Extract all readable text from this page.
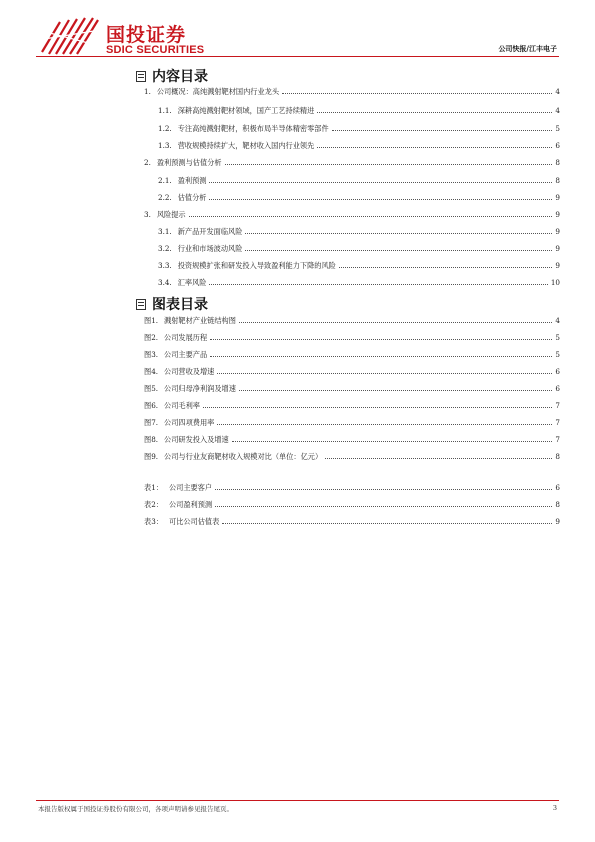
国投证券
SDIC SECURITIES	公司快报/江丰电子
内容目录
1. 公司概况：高纯溅射靶材国内行业龙头	4
1.1. 深耕高纯溅射靶材领域，国产工艺持续精进	4
1.2. 专注高纯溅射靶材，积极布局半导体精密零部件	5
1.3. 营收规模持续扩大，靶材收入国内行业领先	6
2. 盈利预测与估值分析	8
2.1. 盈利预测	8
2.2. 估值分析	9
3. 风险提示	9
3.1. 新产品开发面临风险	9
3.2. 行业和市场波动风险	9
3.3. 投资规模扩张和研发投入导致盈利能力下降的风险	9
3.4. 汇率风险	10
图表目录
图1. 溅射靶材产业链结构图	4
图2. 公司发展历程	5
图3. 公司主要产品	5
图4. 公司营收及增速	6
图5. 公司归母净利润及增速	6
图6. 公司毛利率	7
图7. 公司四项费用率	7
图8. 公司研发投入及增速	7
图9. 公司与行业友商靶材收入规模对比（单位：亿元）	8
表1： 公司主要客户	6
表2： 公司盈利预测	8
表3： 可比公司估值表	9
本报告版权属于国投证券股份有限公司，各项声明请参见报告尾页。	3
